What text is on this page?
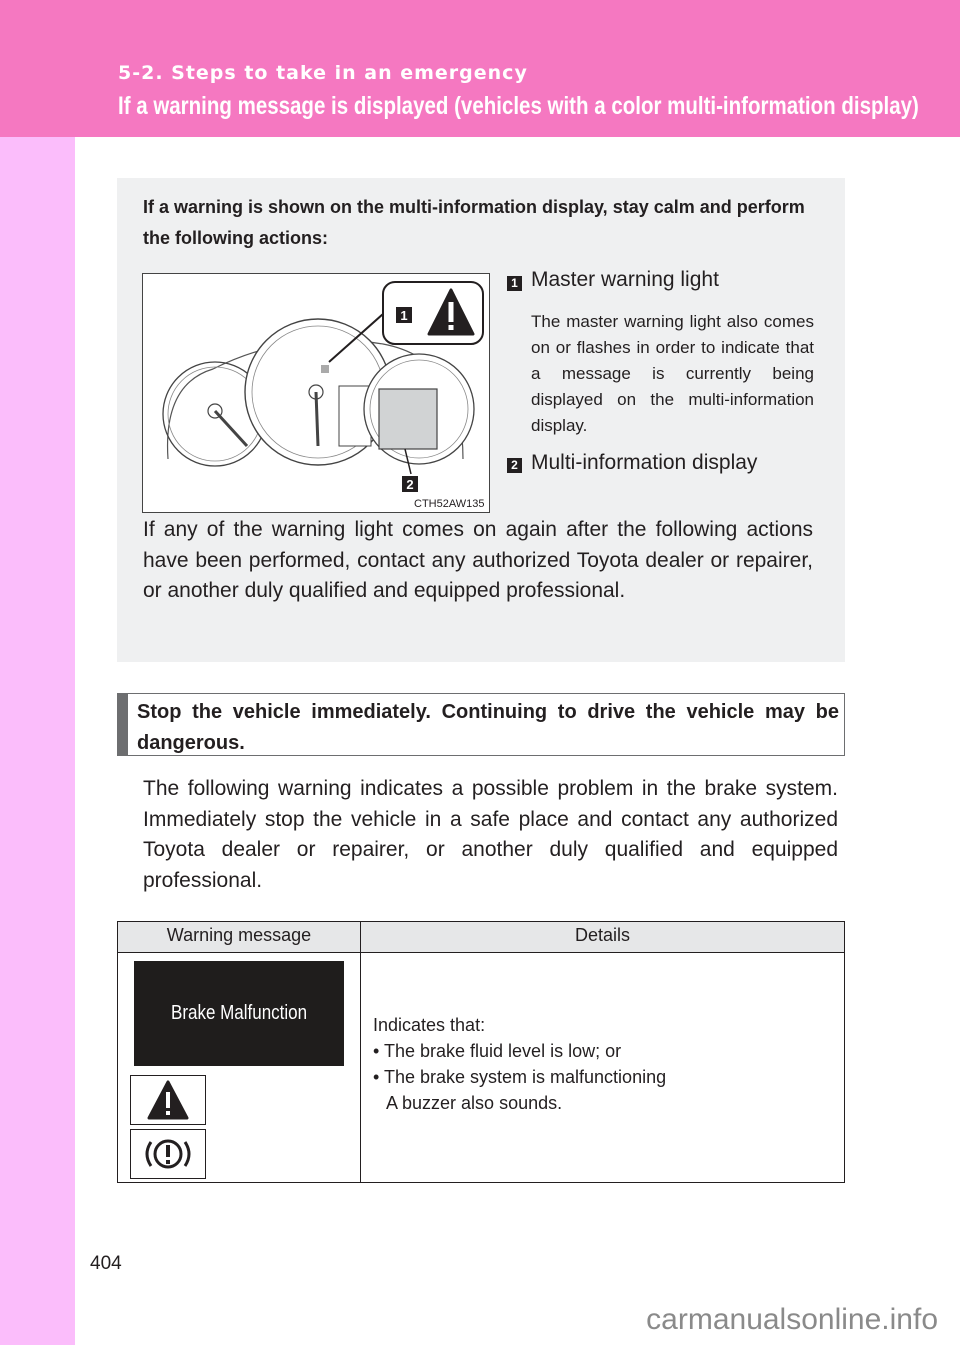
5-2. Steps to take in an emergency
If a warning message is displayed (vehicles with a color multi-information display)
If a warning is shown on the multi-information display, stay calm and perform the following actions:
1
2
CTH52AW135
1 Master warning light
The master warning light also comes on or flashes in order to indicate that a message is currently being displayed on the multi-information display.
2 Multi-information display
If any of the warning light comes on again after the following actions have been performed, contact any authorized Toyota dealer or repairer, or another duly qualified and equipped professional.
Stop the vehicle immediately. Continuing to drive the vehicle may be dangerous.
The following warning indicates a possible problem in the brake system. Immediately stop the vehicle in a safe place and contact any authorized Toyota dealer or repairer, or another duly qualified and equipped professional.
Warning message	Details
Brake Malfunction
Indicates that:
• The brake fluid level is low; or
• The brake system is malfunctioning
A buzzer also sounds.
404
carmanualsonline.info
